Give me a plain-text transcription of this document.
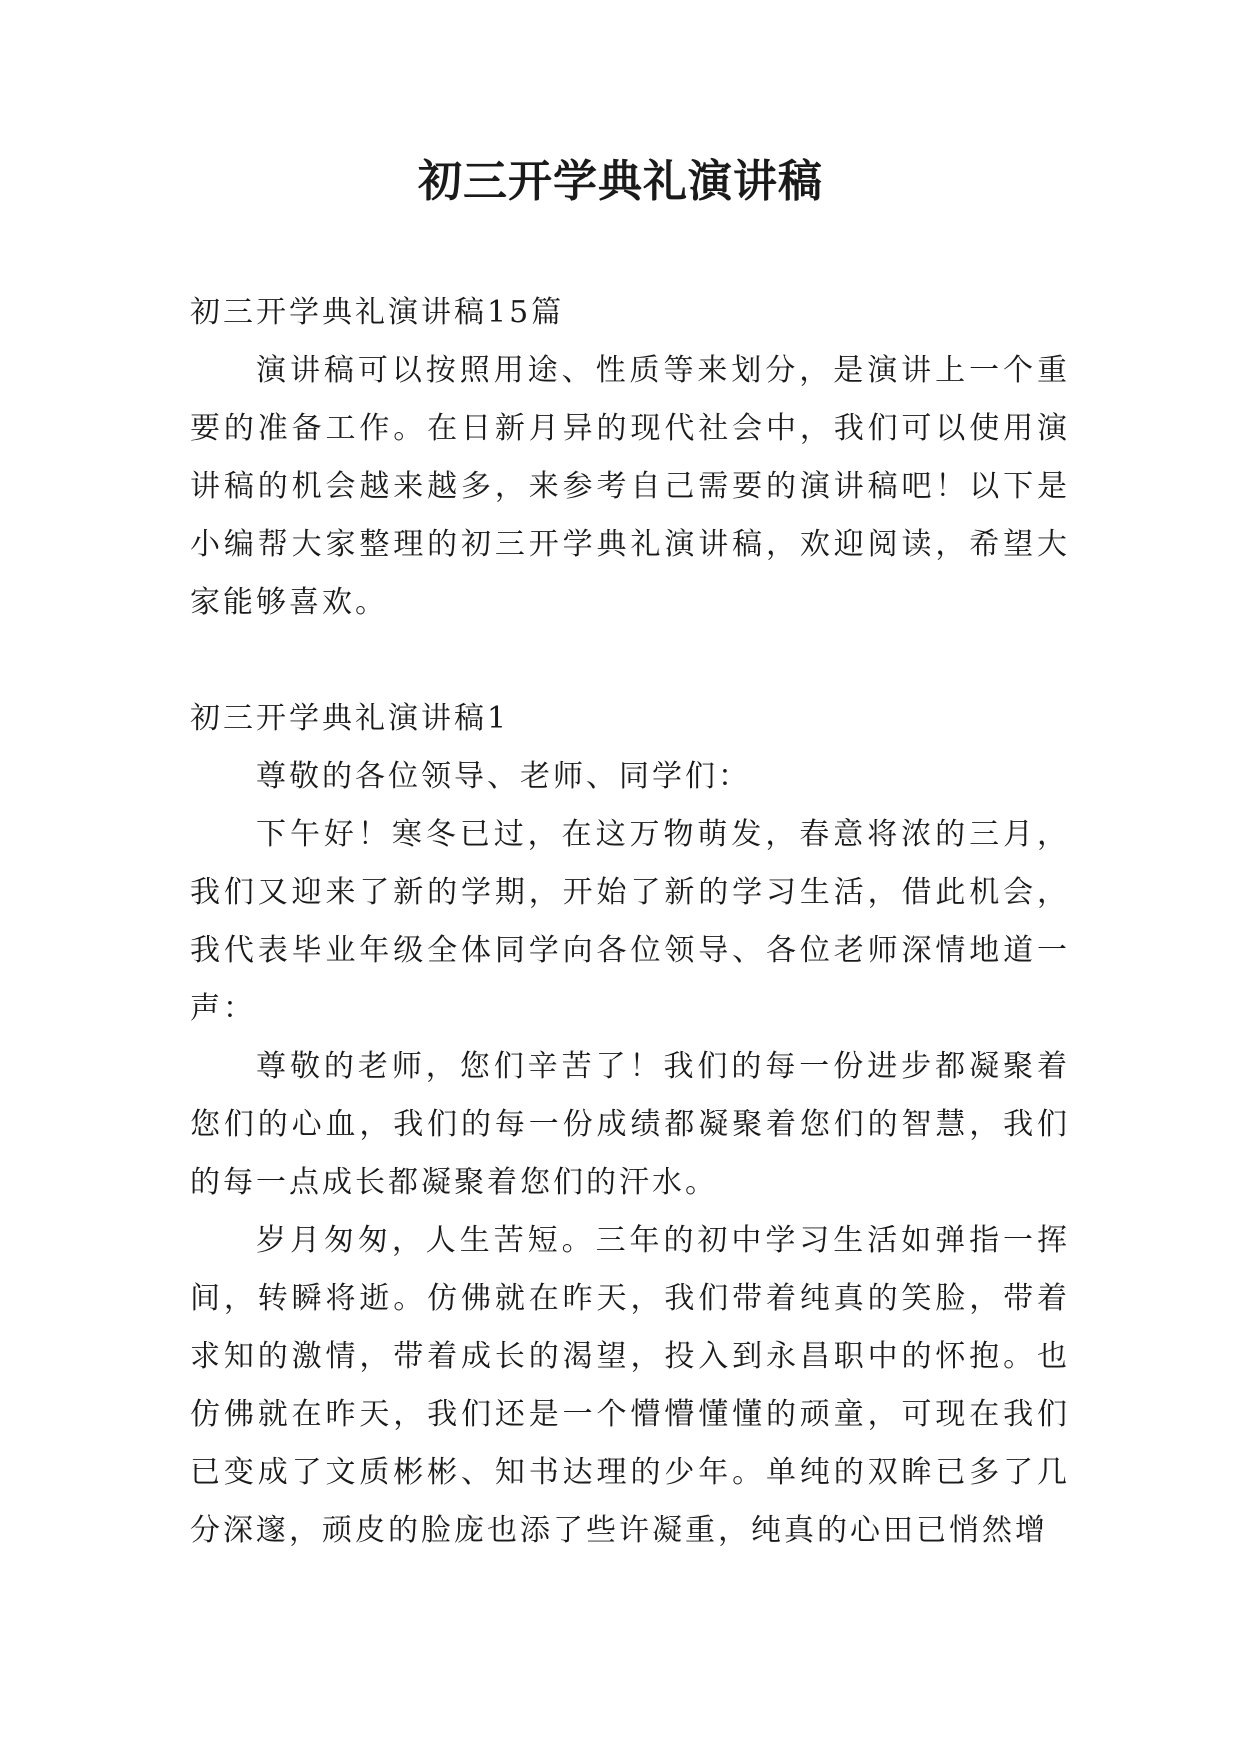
初三开学典礼演讲稿

初三开学典礼演讲稿15篇

演讲稿可以按照用途、性质等来划分，是演讲上一个重要的准备工作。在日新月异的现代社会中，我们可以使用演讲稿的机会越来越多，来参考自己需要的演讲稿吧！以下是小编帮大家整理的初三开学典礼演讲稿，欢迎阅读，希望大家能够喜欢。

初三开学典礼演讲稿1

尊敬的各位领导、老师、同学们：

下午好！寒冬已过，在这万物萌发，春意将浓的三月，我们又迎来了新的学期，开始了新的学习生活，借此机会，我代表毕业年级全体同学向各位领导、各位老师深情地道一声：

尊敬的老师，您们辛苦了！我们的每一份进步都凝聚着您们的心血，我们的每一份成绩都凝聚着您们的智慧，我们的每一点成长都凝聚着您们的汗水。

岁月匆匆，人生苦短。三年的初中学习生活如弹指一挥间，转瞬将逝。仿佛就在昨天，我们带着纯真的笑脸，带着求知的激情，带着成长的渴望，投入到永昌职中的怀抱。也仿佛就在昨天，我们还是一个懵懵懂懂的顽童，可现在我们已变成了文质彬彬、知书达理的少年。单纯的双眸已多了几分深邃，顽皮的脸庞也添了些许凝重，纯真的心田已悄然增
